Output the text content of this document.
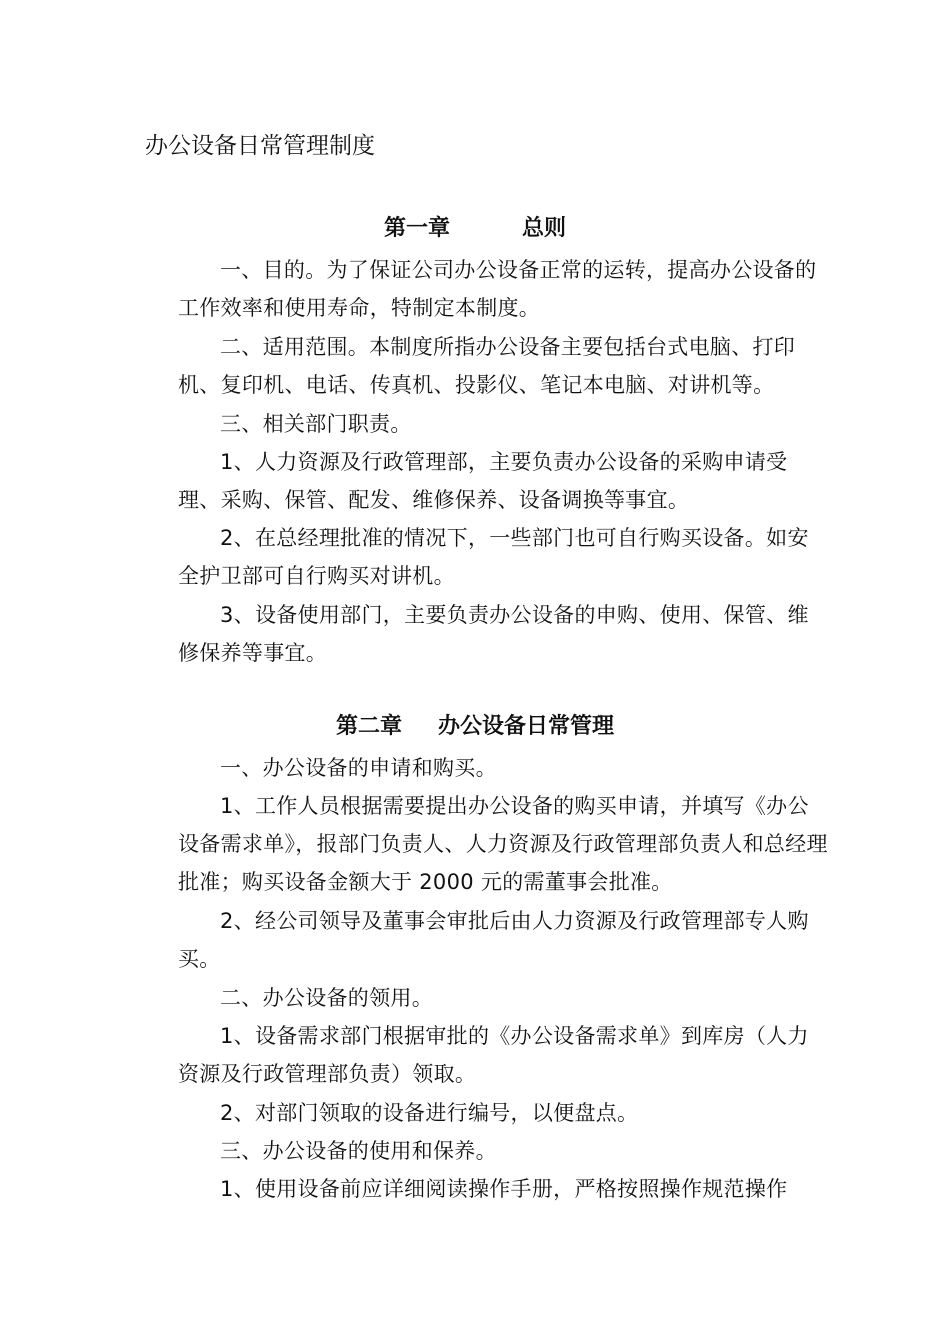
办公设备日常管理制度
第一章	总则

一、目的。为了保证公司办公设备正常的运转，提高办公设备的工作效率和使用寿命，特制定本制度。

二、适用范围。本制度所指办公设备主要包括台式电脑、打印机、复印机、电话、传真机、投影仪、笔记本电脑、对讲机等。

三、相关部门职责。

1、人力资源及行政管理部，主要负责办公设备的采购申请受理、采购、保管、配发、维修保养、设备调换等事宜。

2、在总经理批准的情况下，一些部门也可自行购买设备。如安全护卫部可自行购买对讲机。

3、设备使用部门，主要负责办公设备的申购、使用、保管、维修保养等事宜。

第二章 办公设备日常管理

一、办公设备的申请和购买。

1、工作人员根据需要提出办公设备的购买申请，并填写《办公设备需求单》，报部门负责人、人力资源及行政管理部负责人和总经理批准；购买设备金额大于 2000 元的需董事会批准。

2、经公司领导及董事会审批后由人力资源及行政管理部专人购买。

二、办公设备的领用。

1、设备需求部门根据审批的《办公设备需求单》到库房（人力资源及行政管理部负责）领取。

2、对部门领取的设备进行编号，以便盘点。

三、办公设备的使用和保养。

1、使用设备前应详细阅读操作手册，严格按照操作规范操作
